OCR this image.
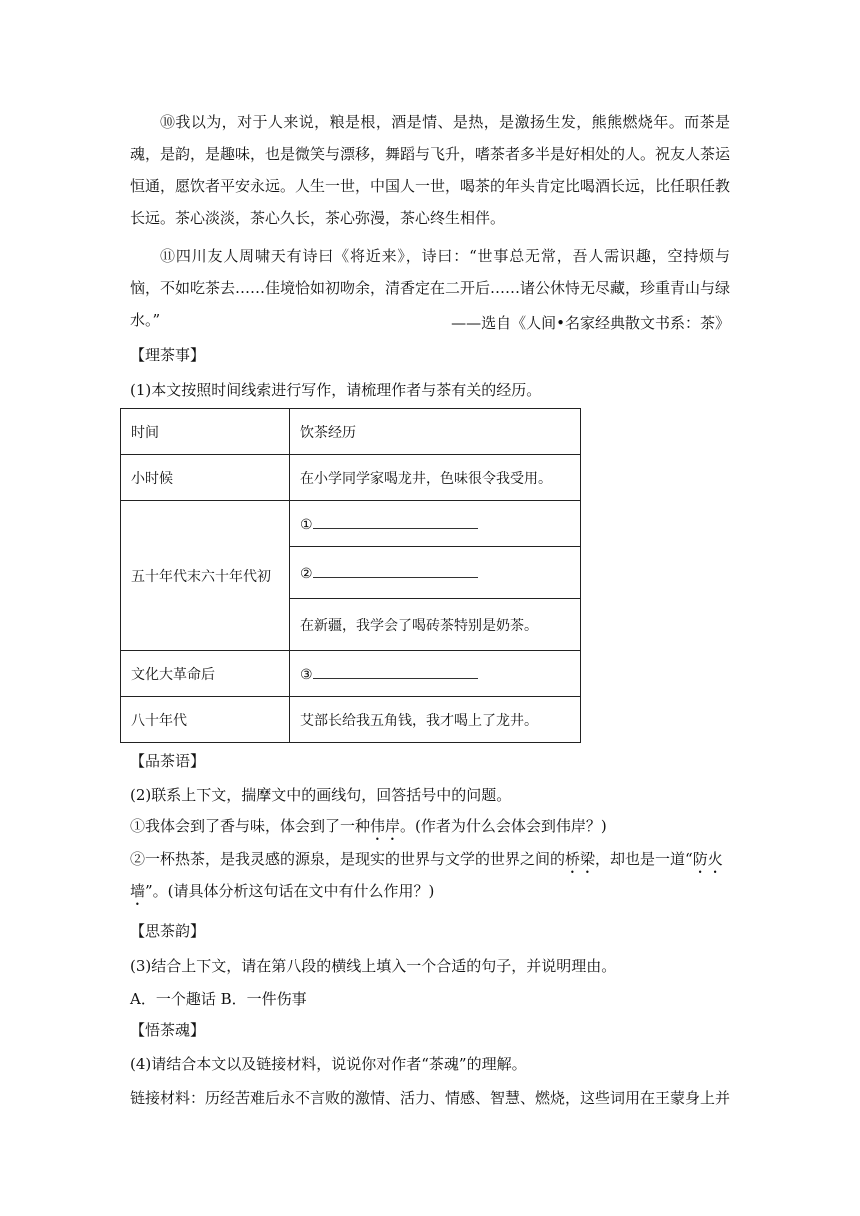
⑩我以为，对于人来说，粮是根，酒是情、是热，是激扬生发，熊熊燃烧年。而茶是魂，是韵，是趣味，也是微笑与漂移，舞蹈与飞升，嗜茶者多半是好相处的人。祝友人茶运恒通，愿饮者平安永远。人生一世，中国人一世，喝茶的年头肯定比喝酒长远，比任职任教长远。茶心淡淡，茶心久长，茶心弥漫，茶心终生相伴。

⑪四川友人周啸天有诗曰《将近来》，诗曰：“世事总无常，吾人需识趣，空持烦与恼，不如吃茶去……佳境恰如初吻余，清香定在二开后……诸公休恃无尽藏，珍重青山与绿水。”	——选自《人间•名家经典散文书系：茶》

【理茶事】

(1)本文按照时间线索进行写作，请梳理作者与茶有关的经历。

时间	饮茶经历
小时候	在小学同学家喝龙井，色味很令我受用。
五十年代末六十年代初	①
	②
	在新疆，我学会了喝砖茶特别是奶茶。
文化大革命后	③
八十年代	艾部长给我五角钱，我才喝上了龙井。

【品茶语】

(2)联系上下文，揣摩文中的画线句，回答括号中的问题。

①我体会到了香与味，体会到了一种伟岸。(作者为什么会体会到伟岸？)

②一杯热茶，是我灵感的源泉，是现实的世界与文学的世界之间的桥梁，却也是一道“防火

墙”。(请具体分析这句话在文中有什么作用？)

【思茶韵】

(3)结合上下文，请在第八段的横线上填入一个合适的句子，并说明理由。

A．一个趣话 B．一件伤事

【悟茶魂】

(4)请结合本文以及链接材料，说说你对作者“茶魂”的理解。

链接材料：历经苦难后永不言败的激情、活力、情感、智慧、燃烧，这些词用在王蒙身上并
